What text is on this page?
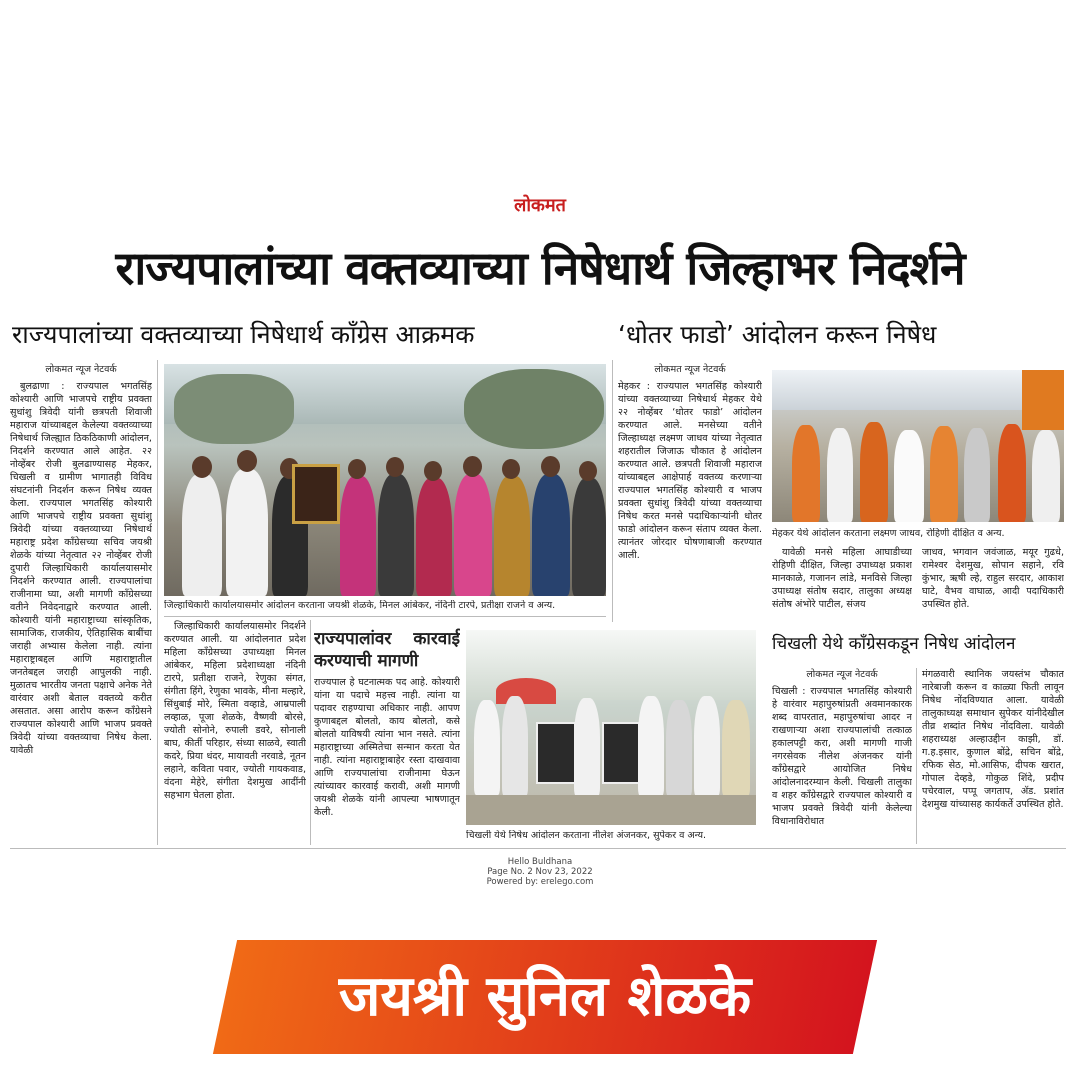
लोकमत
राज्यपालांच्या वक्तव्याच्या निषेधार्थ जिल्हाभर निदर्शने
राज्यपालांच्या वक्तव्याच्या निषेधार्थ काँग्रेस आक्रमक	‘धोतर फाडो’ आंदोलन करून निषेध
लोकमत न्यूज नेटवर्क

बुलढाणा : राज्यपाल भगतसिंह कोश्यारी आणि भाजपचे राष्ट्रीय प्रवक्ता सुधांशु त्रिवेदी यांनी छत्रपती शिवाजी महाराज यांच्याबद्दल केलेल्या वक्तव्याच्या निषेधार्थ जिल्ह्यात ठिकठिकाणी आंदोलन, निदर्शने करण्यात आले आहेत. २२ नोव्हेंबर रोजी बुलढाण्यासह मेहकर, चिखली व ग्रामीण भागातही विविध संघटनांनी निदर्शन करून निषेध व्यक्त केला. राज्यपाल भगतसिंह कोश्यारी आणि भाजपचे राष्ट्रीय प्रवक्ता सुधांशु त्रिवेदी यांच्या वक्तव्याच्या निषेधार्थ महाराष्ट्र प्रदेश काँग्रेसच्या सचिव जयश्री शेळके यांच्या नेतृत्वात २२ नोव्हेंबर रोजी दुपारी जिल्हाधिकारी कार्यालयासमोर निदर्शने करण्यात आली. राज्यपालांचा राजीनामा घ्या, अशी मागणी काँग्रेसच्या वतीने निवेदनाद्वारे करण्यात आली. कोश्यारी यांनी महाराष्ट्राच्या सांस्कृतिक, सामाजिक, राजकीय, ऐतिहासिक बाबींचा जराही अभ्यास केलेला नाही. त्यांना महाराष्ट्राबद्दल आणि महाराष्ट्रातील जनतेबद्दल जराही आपुलकी नाही. मुळातच भारतीय जनता पक्षाचे अनेक नेते वारंवार अशी बेताल वक्तव्ये करीत असतात. असा आरोप करून काँग्रेसने राज्यपाल कोश्यारी आणि भाजप प्रवक्ते त्रिवेदी यांच्या वक्तव्याचा निषेध केला. यावेळी

जिल्हाधिकारी कार्यालयासमोर आंदोलन करताना जयश्री शेळके, मिनल आंबेकर, नंदिनी टारपे, प्रतीक्षा राजने व अन्य.

जिल्हाधिकारी कार्यालयासमोर निदर्शने करण्यात आली. या आंदोलनात प्रदेश महिला काँग्रेसच्या उपाध्यक्षा मिनल आंबेकर, महिला प्रदेशाध्यक्षा नंदिनी टारपे, प्रतीक्षा राजने, रेणुका संगत, संगीता हिंगे, रेणुका भावके, मीना मल्हारे, सिंधुबाई मोरे, स्मिता वव्हाडे, आम्रपाली लव्हाळ, पूजा शेळके, वैष्णवी बोरसे, ज्योती सोनोने, रुपाली डवरे, सोनाली बाघ, कीर्ती परिहार, संध्या साळवे, स्वाती कदरे, प्रिया धंदर, मायावती नरवाडे, नूतन लहाने, कविता पवार, ज्योती गायकवाड, वंदना मेहेरे, संगीता देशमुख आदींनी सहभाग घेतला होता.

राज्यपालांवर कारवाई करण्याची मागणी

राज्यपाल हे घटनात्मक पद आहे. कोश्यारी यांना या पदाचे महत्त्व नाही. त्यांना या पदावर राहण्याचा अधिकार नाही. आपण कुणाबद्दल बोलतो, काय बोलतो, कसे बोलतो याविषयी त्यांना भान नसते. त्यांना महाराष्ट्राच्या अस्मितेचा सन्मान करता येत नाही. त्यांना महाराष्ट्राबाहेर रस्ता दाखवावा आणि राज्यपालांचा राजीनामा घेऊन त्यांच्यावर कारवाई करावी, अशी मागणी जयश्री शेळके यांनी आपल्या भाषणातून केली.

चिखली येथे निषेध आंदोलन करताना नीलेश अंजनकर, सुपेकर व अन्य.
लोकमत न्यूज नेटवर्क

मेहकर : राज्यपाल भगतसिंह कोश्यारी यांच्या वक्तव्याच्या निषेधार्थ मेहकर येथे २२ नोव्हेंबर ‘धोतर फाडो’ आंदोलन करण्यात आले. मनसेच्या वतीने जिल्हाध्यक्ष लक्ष्मण जाधव यांच्या नेतृत्वात शहरातील जिजाऊ चौकात हे आंदोलन करण्यात आले. छत्रपती शिवाजी महाराज यांच्याबद्दल आक्षेपार्ह वक्तव्य करणाऱ्या राज्यपाल भगतसिंह कोश्यारी व भाजप प्रवक्ता सुधांशु त्रिवेदी यांच्या वक्तव्याचा निषेध करत मनसे पदाधिकाऱ्यांनी धोतर फाडो आंदोलन करून संताप व्यक्त केला. त्यानंतर जोरदार घोषणाबाजी करण्यात आली.

मेहकर येथे आंदोलन करताना लक्ष्मण जाधव, रोहिणी दीक्षित व अन्य.

यावेळी मनसे महिला आघाडीच्या रोहिणी दीक्षित, जिल्हा उपाध्यक्ष प्रकाश मानकाळे, गजानन लांडे, मनविसे जिल्हा उपाध्यक्ष संतोष सदार, तालुका अध्यक्ष संतोष अंभोरे पाटील, संजय

जाधव, भगवान जवंजाळ, मयूर गुढधे, रामेश्वर देशमुख, सोपान सहाने, रवि कुंभार, ऋषी ल्हे, राहुल सरदार, आकाश घाटे, वैभव वाघाळ, आदी पदाधिकारी उपस्थित होते.

चिखली येथे काँग्रेसकडून निषेध आंदोलन
लोकमत न्यूज नेटवर्क

चिखली : राज्यपाल भगतसिंह कोश्यारी हे वारंवार महापुरुषांप्रती अवमानकारक शब्द वापरतात, महापुरुषांचा आदर न राखणाऱ्या अशा राज्यपालांची तत्काळ हकालपट्टी करा, अशी मागणी गाजी नगरसेवक नीलेश अंजनकर यांनी काँग्रेसद्वारे आयोजित निषेध आंदोलनादरम्यान केली. चिखली तालुका व शहर काँग्रेसद्वारे राज्यपाल कोश्यारी व भाजप प्रवक्ते त्रिवेदी यांनी केलेल्या विधानाविरोधात

मंगळवारी स्थानिक जयस्तंभ चौकात नारेबाजी करून व काळ्या फिती लावून निषेध नोंदविण्यात आला. यावेळी तालुकाध्यक्ष समाधान सुपेकर यांनीदेखील तीव्र शब्दांत निषेध नोंदविला. यावेळी शहराध्यक्ष अल्हाउद्दीन काझी, डॉ. ग.ह.इसार, कुणाल बोंद्रे, सचिन बोंद्रे, रफिक सेठ, मो.आसिफ, दीपक खरात, गोपाल देव्हडे, गोकुळ शिंदे, प्रदीप पचेरवाल, पप्पू जगताप, ॲड. प्रशांत देशमुख यांच्यासह कार्यकर्ते उपस्थित होते.

Hello Buldhana
Page No. 2 Nov 23, 2022
Powered by: erelego.com
जयश्री सुनिल शेळके
